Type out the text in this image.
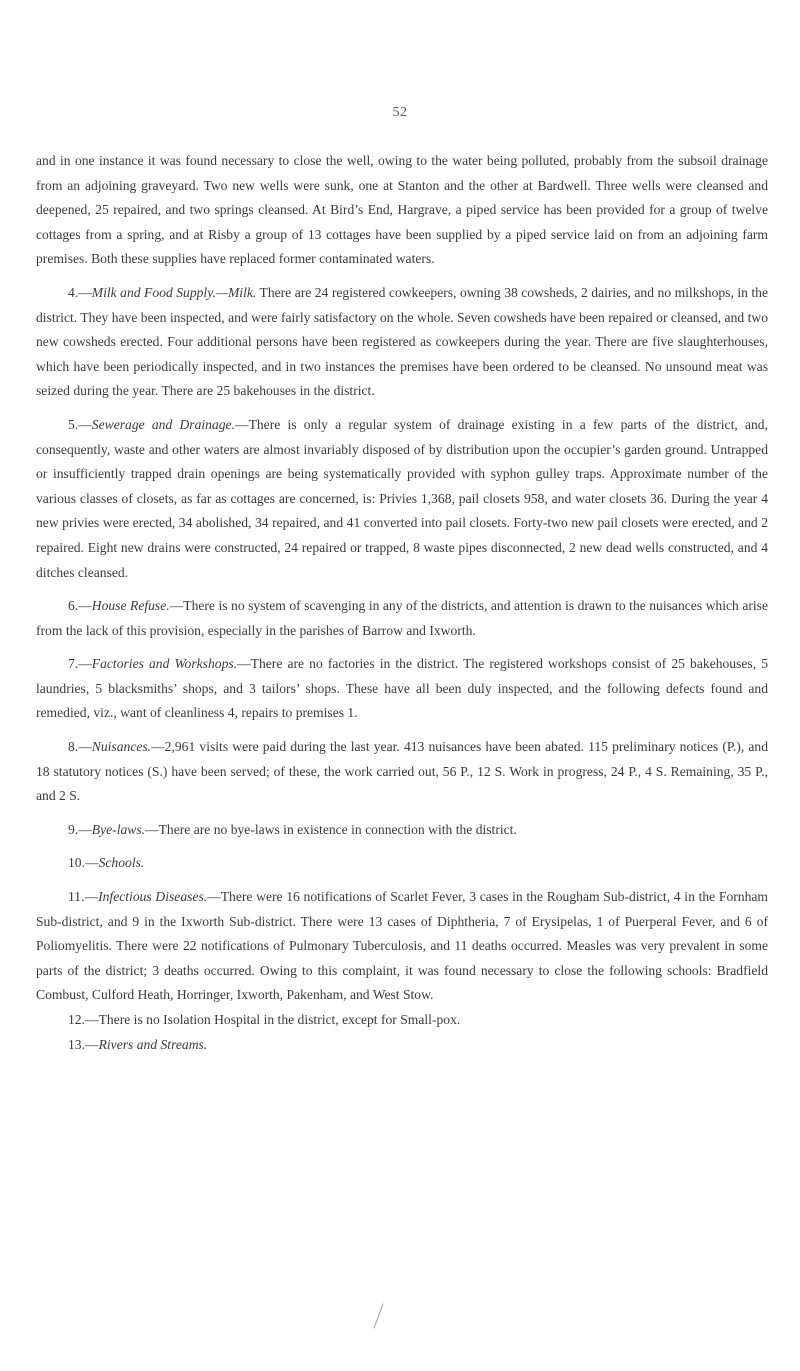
52

and in one instance it was found necessary to close the well, owing to the water being polluted, probably from the subsoil drainage from an adjoining graveyard. Two new wells were sunk, one at Stanton and the other at Bardwell. Three wells were cleansed and deepened, 25 repaired, and two springs cleansed. At Bird’s End, Hargrave, a piped service has been provided for a group of twelve cottages from a spring, and at Risby a group of 13 cottages have been supplied by a piped service laid on from an adjoining farm premises. Both these supplies have replaced former contaminated waters.

4.—Milk and Food Supply.—Milk. There are 24 registered cowkeepers, owning 38 cowsheds, 2 dairies, and no milkshops, in the district. They have been inspected, and were fairly satisfactory on the whole. Seven cowsheds have been repaired or cleansed, and two new cowsheds erected. Four additional persons have been registered as cowkeepers during the year. There are five slaughterhouses, which have been periodically inspected, and in two instances the premises have been ordered to be cleansed. No unsound meat was seized during the year. There are 25 bakehouses in the district.

5.—Sewerage and Drainage.—There is only a regular system of drainage existing in a few parts of the district, and, consequently, waste and other waters are almost invariably disposed of by distribution upon the occupier’s garden ground. Untrapped or insufficiently trapped drain openings are being systematically provided with syphon gulley traps. Approximate number of the various classes of closets, as far as cottages are concerned, is: Privies 1,368, pail closets 958, and water closets 36. During the year 4 new privies were erected, 34 abolished, 34 repaired, and 41 converted into pail closets. Forty-two new pail closets were erected, and 2 repaired. Eight new drains were constructed, 24 repaired or trapped, 8 waste pipes disconnected, 2 new dead wells constructed, and 4 ditches cleansed.

6.—House Refuse.—There is no system of scavenging in any of the districts, and attention is drawn to the nuisances which arise from the lack of this provision, especially in the parishes of Barrow and Ixworth.

7.—Factories and Workshops.—There are no factories in the district. The registered workshops consist of 25 bakehouses, 5 laundries, 5 blacksmiths’ shops, and 3 tailors’ shops. These have all been duly inspected, and the following defects found and remedied, viz., want of cleanliness 4, repairs to premises 1.

8.—Nuisances.—2,961 visits were paid during the last year. 413 nuisances have been abated. 115 preliminary notices (P.), and 18 statutory notices (S.) have been served; of these, the work carried out, 56 P., 12 S. Work in progress, 24 P., 4 S. Remaining, 35 P., and 2 S.

9.—Bye-laws.—There are no bye-laws in existence in connection with the district.

10.—Schools.

11.—Infectious Diseases.—There were 16 notifications of Scarlet Fever, 3 cases in the Rougham Sub-district, 4 in the Fornham Sub-district, and 9 in the Ixworth Sub-district. There were 13 cases of Diphtheria, 7 of Erysipelas, 1 of Puerperal Fever, and 6 of Poliomyelitis. There were 22 notifications of Pulmonary Tuberculosis, and 11 deaths occurred. Measles was very prevalent in some parts of the district; 3 deaths occurred. Owing to this complaint, it was found necessary to close the following schools: Bradfield Combust, Culford Heath, Horringer, Ixworth, Pakenham, and West Stow.

12.—There is no Isolation Hospital in the district, except for Small-pox.

13.—Rivers and Streams.
